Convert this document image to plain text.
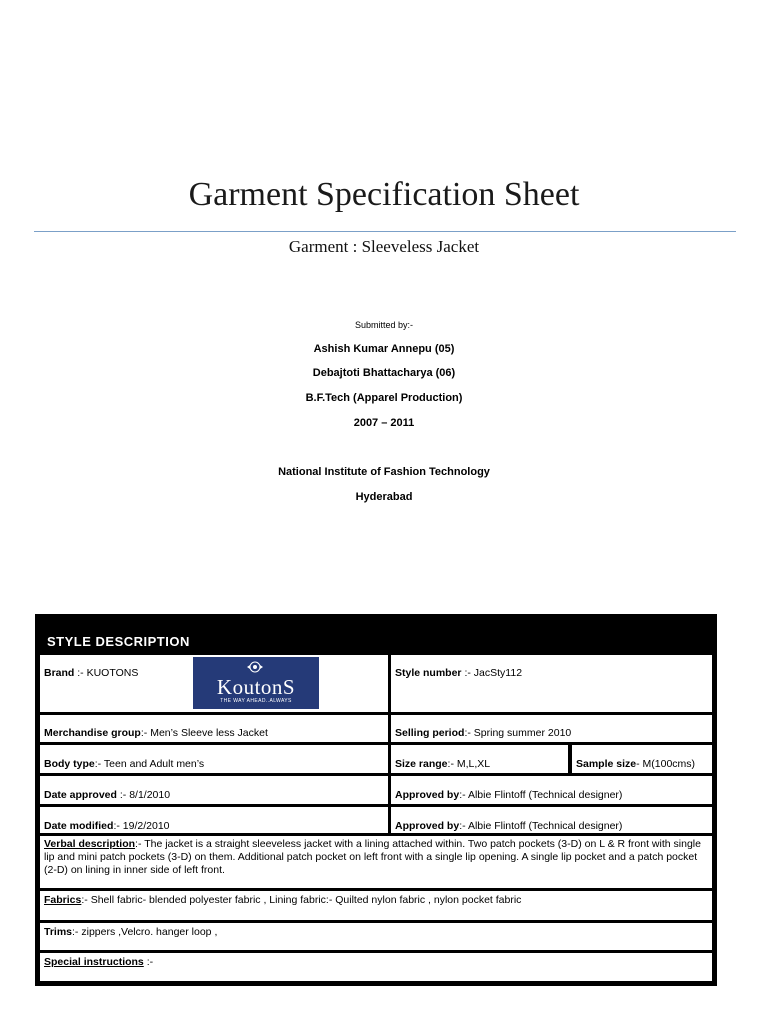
Garment Specification Sheet
Garment : Sleeveless Jacket
Submitted by:-
Ashish Kumar Annepu (05)
Debajtoti Bhattacharya (06)
B.F.Tech (Apparel Production)
2007 – 2011
National Institute of Fashion Technology
Hyderabad
STYLE DESCRIPTION
Brand :- KUOTONS
KoutonS
THE WAY AHEAD..ALWAYS
Style number :- JacSty112
Merchandise group:- Men’s Sleeve less Jacket	Selling period:- Spring summer 2010
Body type:- Teen and Adult men’s	Size range:- M,L,XL	Sample size- M(100cms)
Date approved :- 8/1/2010	Approved by:- Albie Flintoff (Technical designer)
Date modified:- 19/2/2010	Approved by:- Albie Flintoff (Technical designer)
Verbal description:- The jacket is a straight sleeveless jacket with a lining attached within. Two patch pockets (3-D) on L & R front with single lip and mini patch pockets (3-D) on them. Additional patch pocket on left front with a single lip opening. A single lip pocket and a patch pocket (2-D) on lining in inner side of left front.
Fabrics:- Shell fabric- blended polyester fabric , Lining fabric:- Quilted nylon fabric , nylon pocket fabric
Trims:- zippers ,Velcro. hanger loop ,
Special instructions :-
